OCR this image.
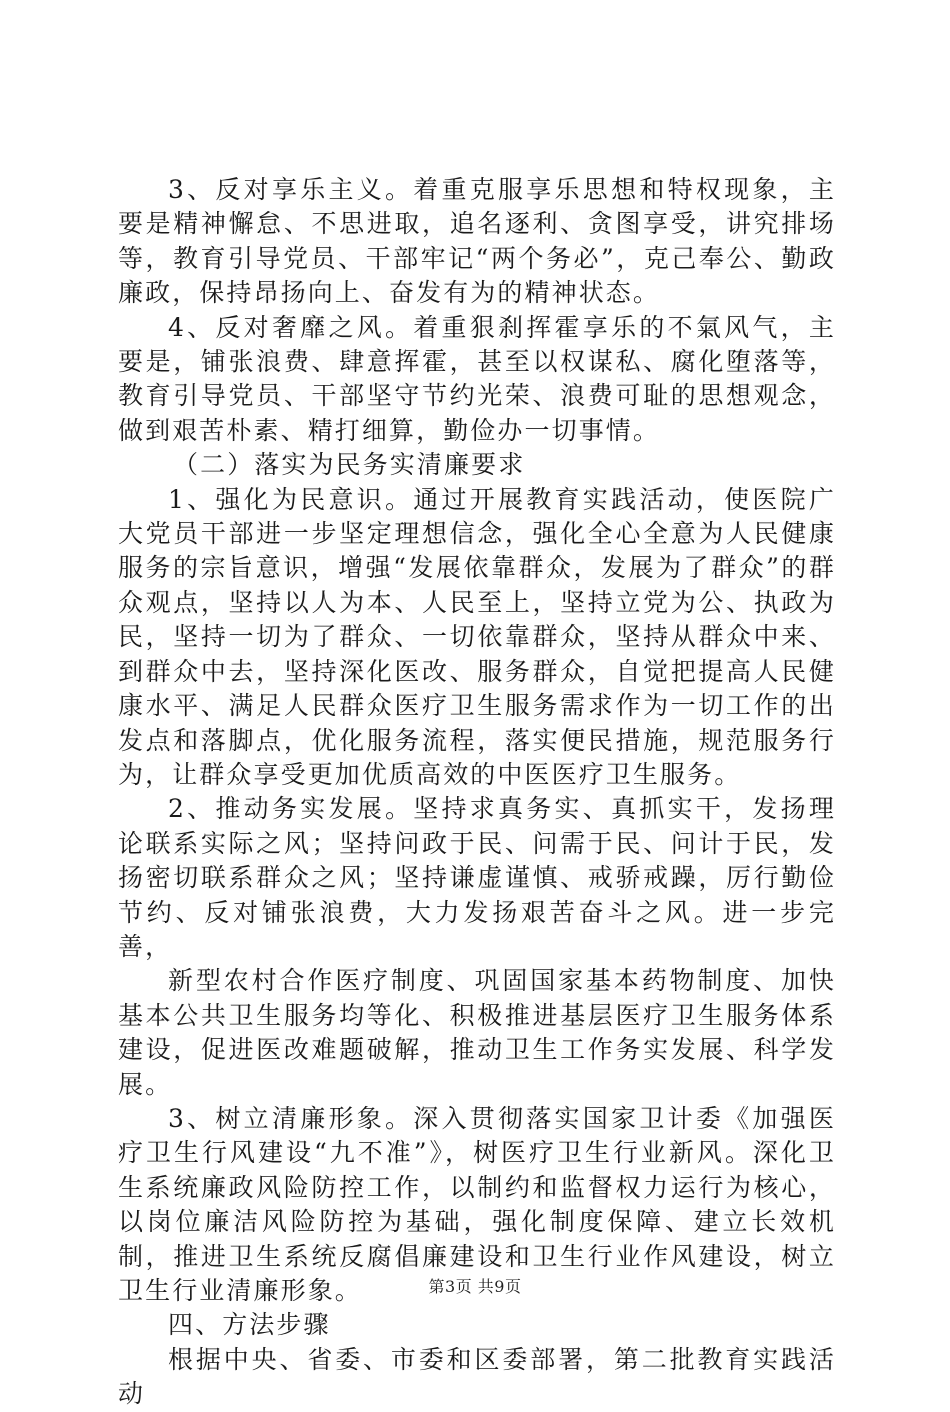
3、反对享乐主义。着重克服享乐思想和特权现象，主要是精神懈怠、不思进取，追名逐利、贪图享受，讲究排场等，教育引导党员、干部牢记“两个务必”，克己奉公、勤政廉政，保持昂扬向上、奋发有为的精神状态。

4、反对奢靡之风。着重狠刹挥霍享乐的不氣风气，主要是，铺张浪费、肆意挥霍，甚至以权谋私、腐化堕落等，教育引导党员、干部坚守节约光荣、浪费可耻的思想观念，做到艰苦朴素、精打细算，勤俭办一切事情。

（二）落实为民务实清廉要求

1、强化为民意识。通过开展教育实践活动，使医院广大党员干部进一步坚定理想信念，强化全心全意为人民健康服务的宗旨意识，增强“发展依靠群众，发展为了群众”的群众观点，坚持以人为本、人民至上，坚持立党为公、执政为民，坚持一切为了群众、一切依靠群众，坚持从群众中来、到群众中去，坚持深化医改、服务群众，自觉把提高人民健康水平、满足人民群众医疗卫生服务需求作为一切工作的出发点和落脚点，优化服务流程，落实便民措施，规范服务行为，让群众享受更加优质高效的中医医疗卫生服务。

2、推动务实发展。坚持求真务实、真抓实干，发扬理论联系实际之风；坚持问政于民、问需于民、问计于民，发扬密切联系群众之风；坚持谦虚谨慎、戒骄戒躁，厉行勤俭节约、反对铺张浪费，大力发扬艰苦奋斗之风。进一步完善，

新型农村合作医疗制度、巩固国家基本药物制度、加快基本公共卫生服务均等化、积极推进基层医疗卫生服务体系建设，促进医改难题破解，推动卫生工作务实发展、科学发展。

3、树立清廉形象。深入贯彻落实国家卫计委《加强医疗卫生行风建设“九不准”》，树医疗卫生行业新风。深化卫生系统廉政风险防控工作，以制约和监督权力运行为核心，以岗位廉洁风险防控为基础，强化制度保障、建立长效机制，推进卫生系统反腐倡廉建设和卫生行业作风建设，树立卫生行业清廉形象。

四、方法步骤

根据中央、省委、市委和区委部署，第二批教育实践活动

第3页 共9页
